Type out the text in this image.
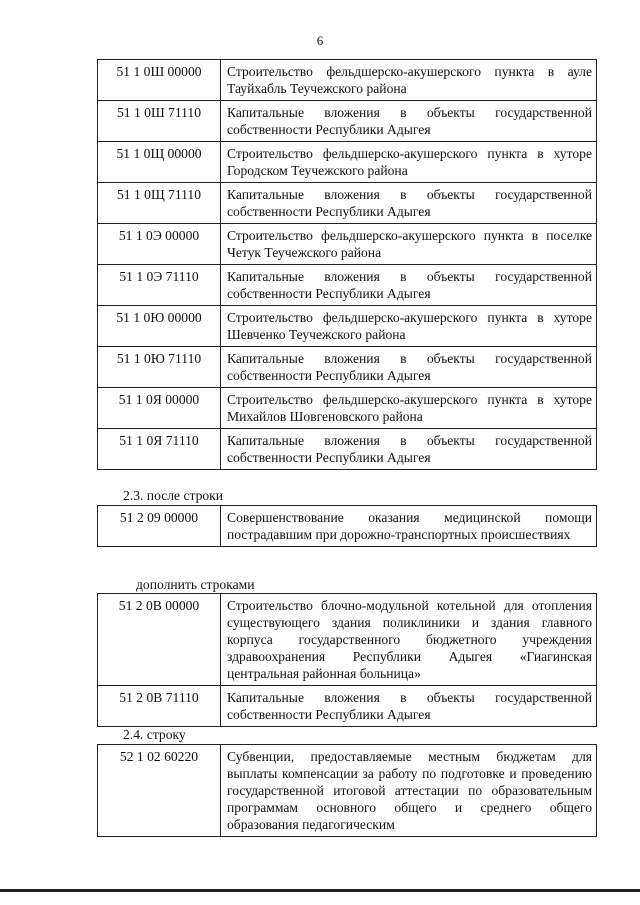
6
51 1 0Ш 00000	Строительство фельдшерско-акушерского пункта в ауле Тауйхабль Теучежского района
51 1 0Ш 71110	Капитальные вложения в объекты государственной собственности Республики Адыгея
51 1 0Щ 00000	Строительство фельдшерско-акушерского пункта в хуторе Городском Теучежского района
51 1 0Щ 71110	Капитальные вложения в объекты государственной собственности Республики Адыгея
51 1 0Э 00000	Строительство фельдшерско-акушерского пункта в поселке Четук Теучежского района
51 1 0Э 71110	Капитальные вложения в объекты государственной собственности Республики Адыгея
51 1 0Ю 00000	Строительство фельдшерско-акушерского пункта в хуторе Шевченко Теучежского района
51 1 0Ю 71110	Капитальные вложения в объекты государственной собственности Республики Адыгея
51 1 0Я 00000	Строительство фельдшерско-акушерского пункта в хуторе Михайлов Шовгеновского района
51 1 0Я 71110	Капитальные вложения в объекты государственной собственности Республики Адыгея
2.3. после строки
51 2 09 00000	Совершенствование оказания медицинской помощи пострадавшим при дорожно-транспортных происшествиях
дополнить строками
51 2 0В 00000	Строительство блочно-модульной котельной для отопления существующего здания поликлиники и здания главного корпуса государственного бюджетного учреждения здравоохранения Республики Адыгея «Гиагинская центральная районная больница»
51 2 0В 71110	Капитальные вложения в объекты государственной собственности Республики Адыгея
2.4. строку
52 1 02 60220	Субвенции, предоставляемые местным бюджетам для выплаты компенсации за работу по подготовке и проведению государственной итоговой аттестации по образовательным программам основного общего и среднего общего образования педагогическим
